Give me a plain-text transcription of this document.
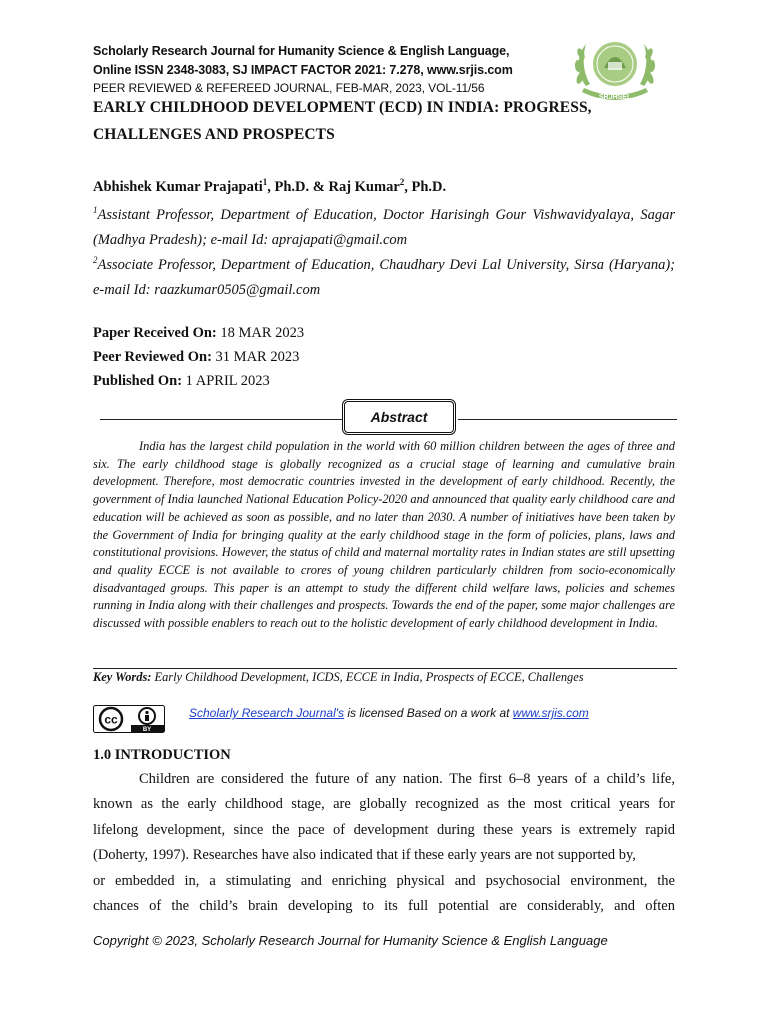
Scholarly Research Journal for Humanity Science & English Language,
Online ISSN 2348-3083, SJ IMPACT FACTOR 2021: 7.278, www.srjis.com
PEER REVIEWED & REFEREED JOURNAL, FEB-MAR, 2023, VOL-11/56
SRJHSEL
EARLY CHILDHOOD DEVELOPMENT (ECD) IN INDIA: PROGRESS,
CHALLENGES AND PROSPECTS
Abhishek Kumar Prajapati$^1$, Ph.D. & Raj Kumar$^2$, Ph.D.
$^1$Assistant Professor, Department of Education, Doctor Harisingh Gour Vishwavidyalaya, Sagar (Madhya Pradesh); e-mail Id: aprajapati@gmail.com
$^2$Associate Professor, Department of Education, Chaudhary Devi Lal University, Sirsa (Haryana); e-mail Id: raazkumar0505@gmail.com
Paper Received On: 18 MAR 2023
Peer Reviewed On: 31 MAR 2023
Published On: 1 APRIL 2023
Abstract
India has the largest child population in the world with 60 million children between the ages of three and six. The early childhood stage is globally recognized as a crucial stage of learning and cumulative brain development. Therefore, most democratic countries invested in the development of early childhood. Recently, the government of India launched National Education Policy-2020 and announced that quality early childhood care and education will be achieved as soon as possible, and no later than 2030. A number of initiatives have been taken by the Government of India for bringing quality at the early childhood stage in the form of policies, plans, laws and constitutional provisions. However, the status of child and maternal mortality rates in Indian states are still upsetting and quality ECCE is not available to crores of young children particularly children from socio-economically disadvantaged groups. This paper is an attempt to study the different child welfare laws, policies and schemes running in India along with their challenges and prospects. Towards the end of the paper, some major challenges are discussed with possible enablers to reach out to the holistic development of early childhood development in India.
Key Words: Early Childhood Development, ICDS, ECCE in India, Prospects of ECCE, Challenges
cc
BY
Scholarly Research Journal's is licensed Based on a work at www.srjis.com
1.0 INTRODUCTION
Children are considered the future of any nation. The first 6–8 years of a child’s life,
known as the early childhood stage, are globally recognized as the most critical years for
lifelong development, since the pace of development during these years is extremely rapid
(Doherty, 1997). Researches have also indicated that if these early years are not supported by,
or embedded in, a stimulating and enriching physical and psychosocial environment, the
chances of the child’s brain developing to its full potential are considerably, and often
Copyright © 2023, Scholarly Research Journal for Humanity Science & English Language
